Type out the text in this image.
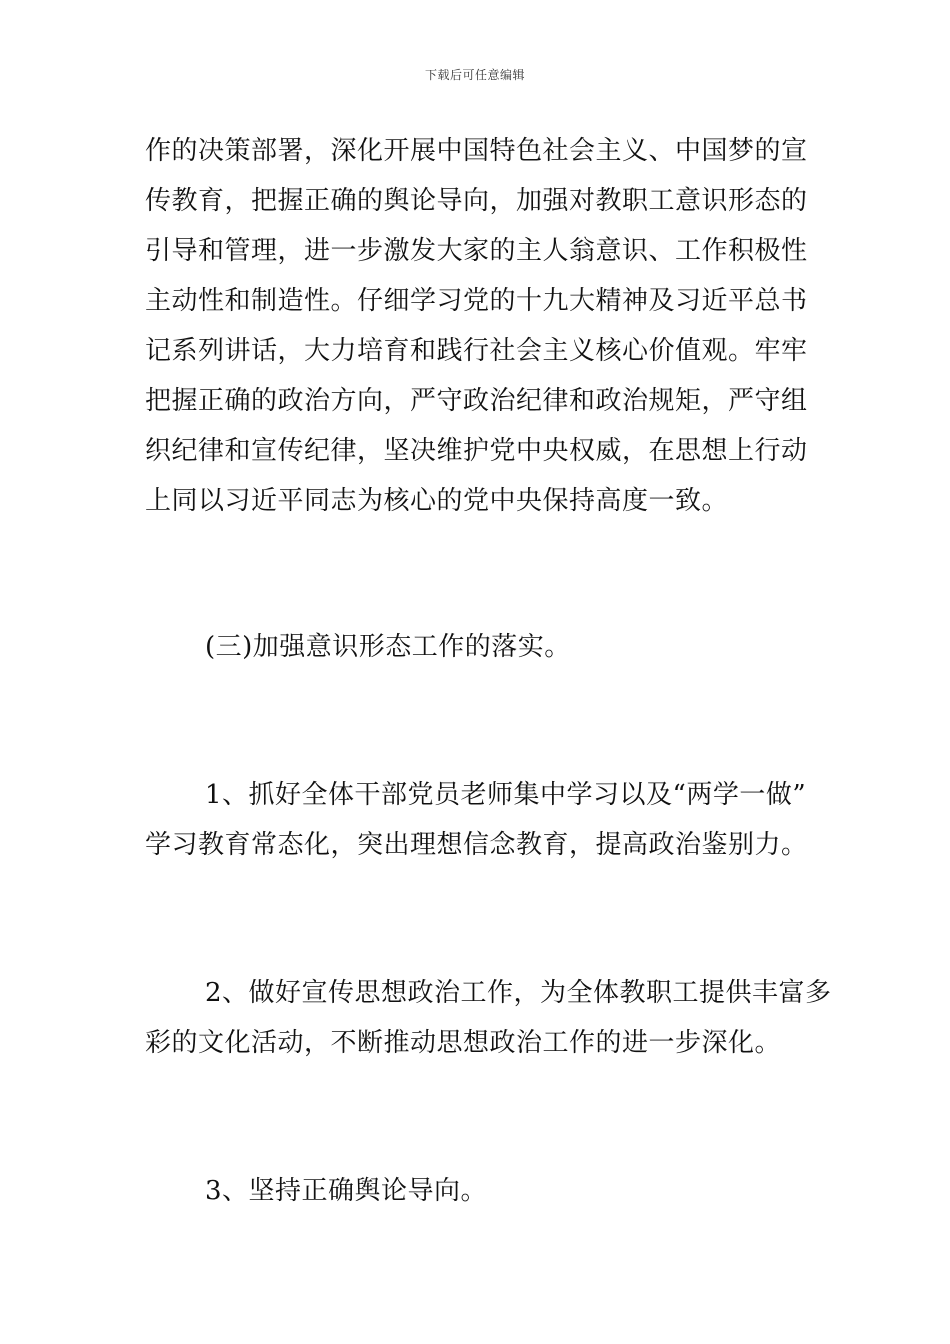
下载后可任意编辑
作的决策部署，深化开展中国特色社会主义、中国梦的宣
传教育，把握正确的舆论导向，加强对教职工意识形态的
引导和管理，进一步激发大家的主人翁意识、工作积极性
主动性和制造性。仔细学习党的十九大精神及习近平总书
记系列讲话，大力培育和践行社会主义核心价值观。牢牢
把握正确的政治方向，严守政治纪律和政治规矩，严守组
织纪律和宣传纪律，坚决维护党中央权威，在思想上行动
上同以习近平同志为核心的党中央保持高度一致。
(三)加强意识形态工作的落实。
1、抓好全体干部党员老师集中学习以及“两学一做”
学习教育常态化，突出理想信念教育，提高政治鉴别力。
2、做好宣传思想政治工作，为全体教职工提供丰富多
彩的文化活动，不断推动思想政治工作的进一步深化。
3、坚持正确舆论导向。
